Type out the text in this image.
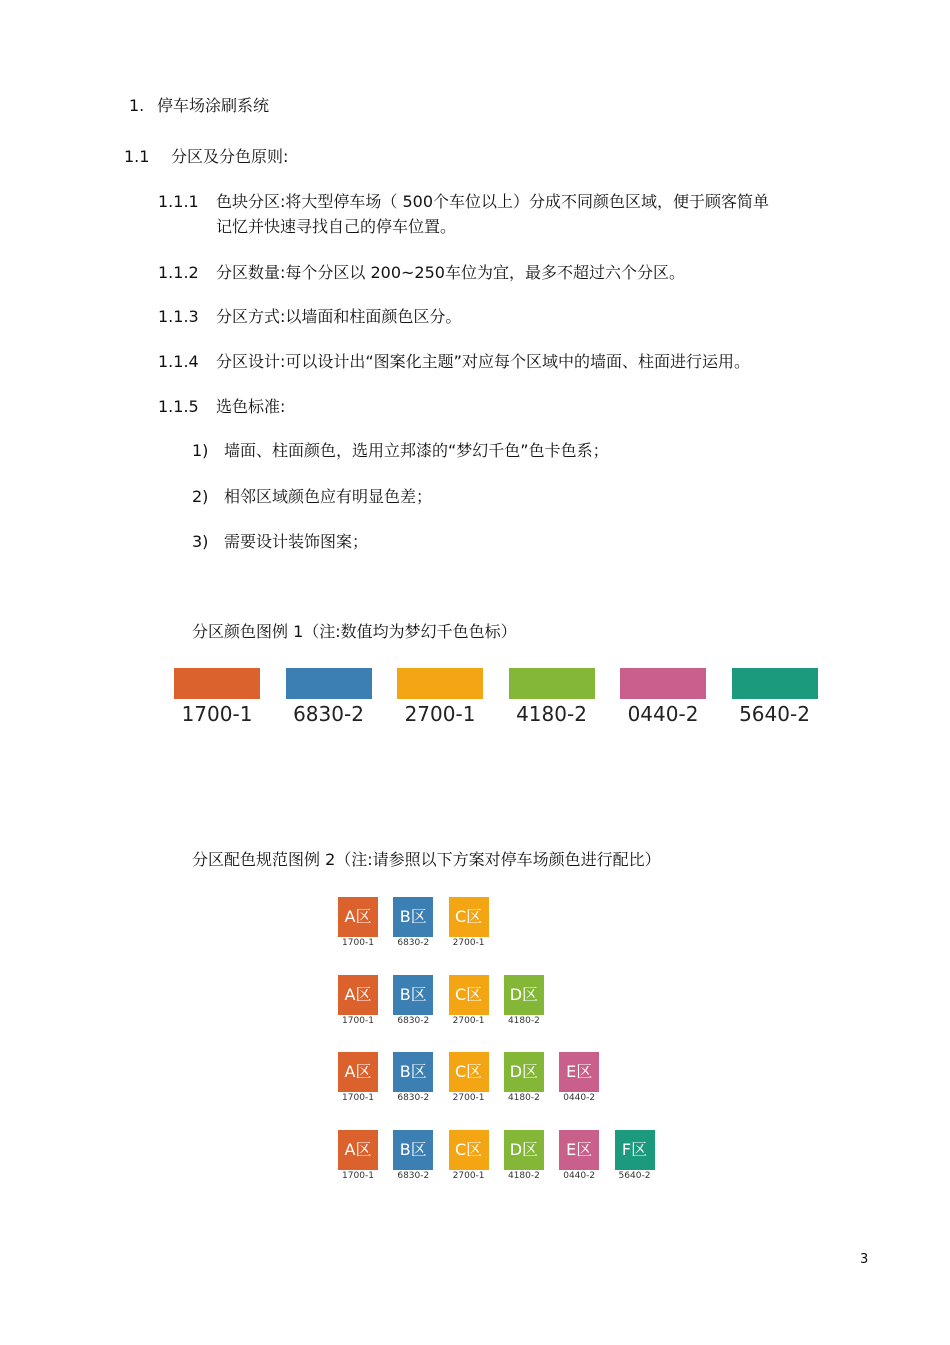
1. 停车场涂刷系统
1.1 分区及分色原则:
1.1.1 色块分区:将大型停车场（ 500个车位以上）分成不同颜色区域，便于顾客简单
记忆并快速寻找自己的停车位置。
1.1.2 分区数量:每个分区以 200~250车位为宜，最多不超过六个分区。
1.1.3 分区方式:以墙面和柱面颜色区分。
1.1.4 分区设计:可以设计出“图案化主题”对应每个区域中的墙面、柱面进行运用。
1.1.5 选色标准:
1) 墙面、柱面颜色，选用立邦漆的“梦幻千色”色卡色系；
2) 相邻区域颜色应有明显色差；
3) 需要设计装饰图案；
分区颜色图例 1（注:数值均为梦幻千色色标）
1700-1	6830-2	2700-1	4180-2	0440-2	5640-2
分区配色规范图例 2（注:请参照以下方案对停车场颜色进行配比）
A区
1700-1
B区
6830-2
C区
2700-1
A区
1700-1
B区
6830-2
C区
2700-1
D区
4180-2
A区
1700-1
B区
6830-2
C区
2700-1
D区
4180-2
E区
0440-2
A区
1700-1
B区
6830-2
C区
2700-1
D区
4180-2
E区
0440-2
F区
5640-2
3
